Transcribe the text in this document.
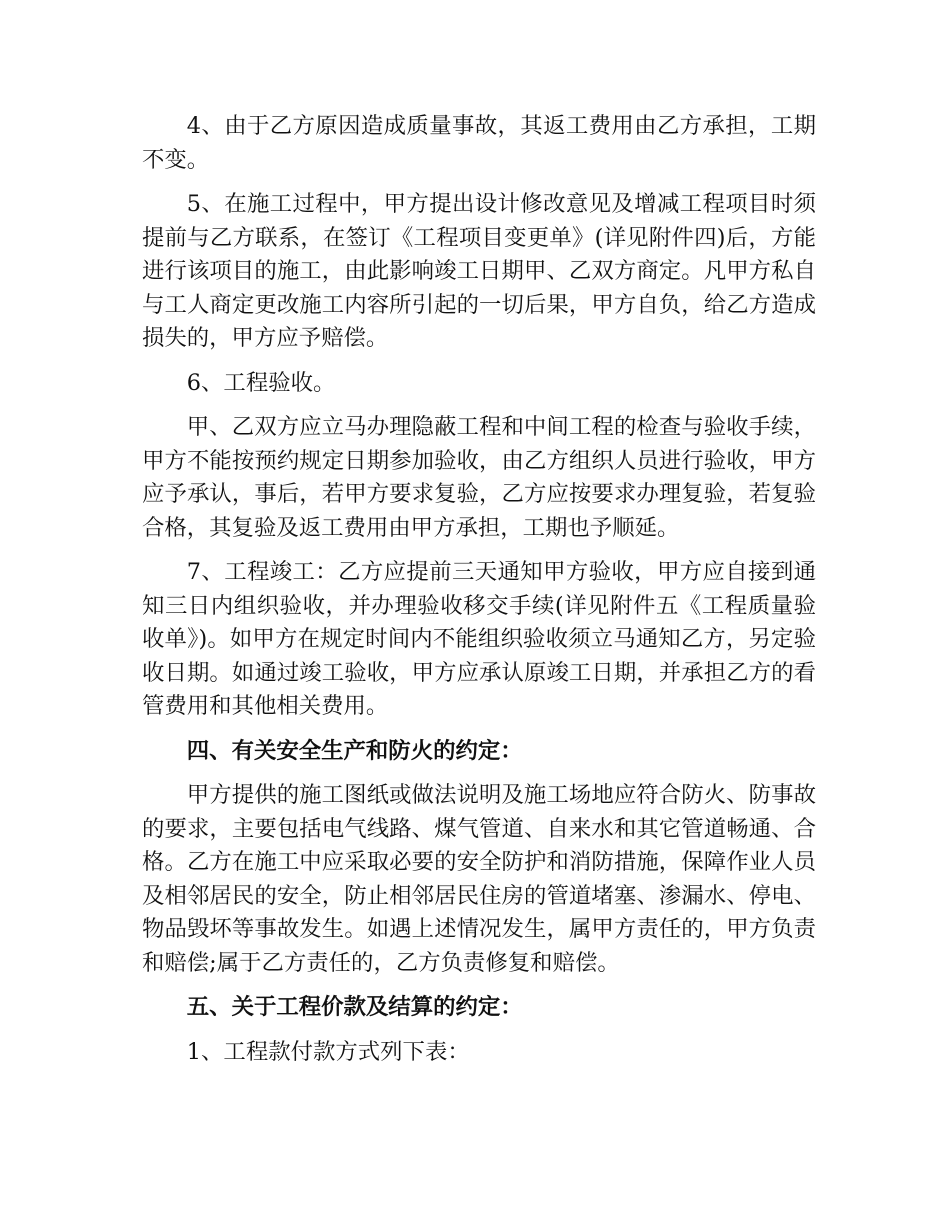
4、由于乙方原因造成质量事故，其返工费用由乙方承担，工期不变。

5、在施工过程中，甲方提出设计修改意见及增减工程项目时须提前与乙方联系，在签订《工程项目变更单》(详见附件四)后，方能进行该项目的施工，由此影响竣工日期甲、乙双方商定。凡甲方私自与工人商定更改施工内容所引起的一切后果，甲方自负，给乙方造成损失的，甲方应予赔偿。

6、工程验收。

甲、乙双方应立马办理隐蔽工程和中间工程的检查与验收手续，甲方不能按预约规定日期参加验收，由乙方组织人员进行验收，甲方应予承认，事后，若甲方要求复验，乙方应按要求办理复验，若复验合格，其复验及返工费用由甲方承担，工期也予顺延。

7、工程竣工：乙方应提前三天通知甲方验收，甲方应自接到通知三日内组织验收，并办理验收移交手续(详见附件五《工程质量验收单》)。如甲方在规定时间内不能组织验收须立马通知乙方，另定验收日期。如通过竣工验收，甲方应承认原竣工日期，并承担乙方的看管费用和其他相关费用。

四、有关安全生产和防火的约定：

甲方提供的施工图纸或做法说明及施工场地应符合防火、防事故的要求，主要包括电气线路、煤气管道、自来水和其它管道畅通、合格。乙方在施工中应采取必要的安全防护和消防措施，保障作业人员及相邻居民的安全，防止相邻居民住房的管道堵塞、渗漏水、停电、物品毁坏等事故发生。如遇上述情况发生，属甲方责任的，甲方负责和赔偿;属于乙方责任的，乙方负责修复和赔偿。

五、关于工程价款及结算的约定：

1、工程款付款方式列下表：
